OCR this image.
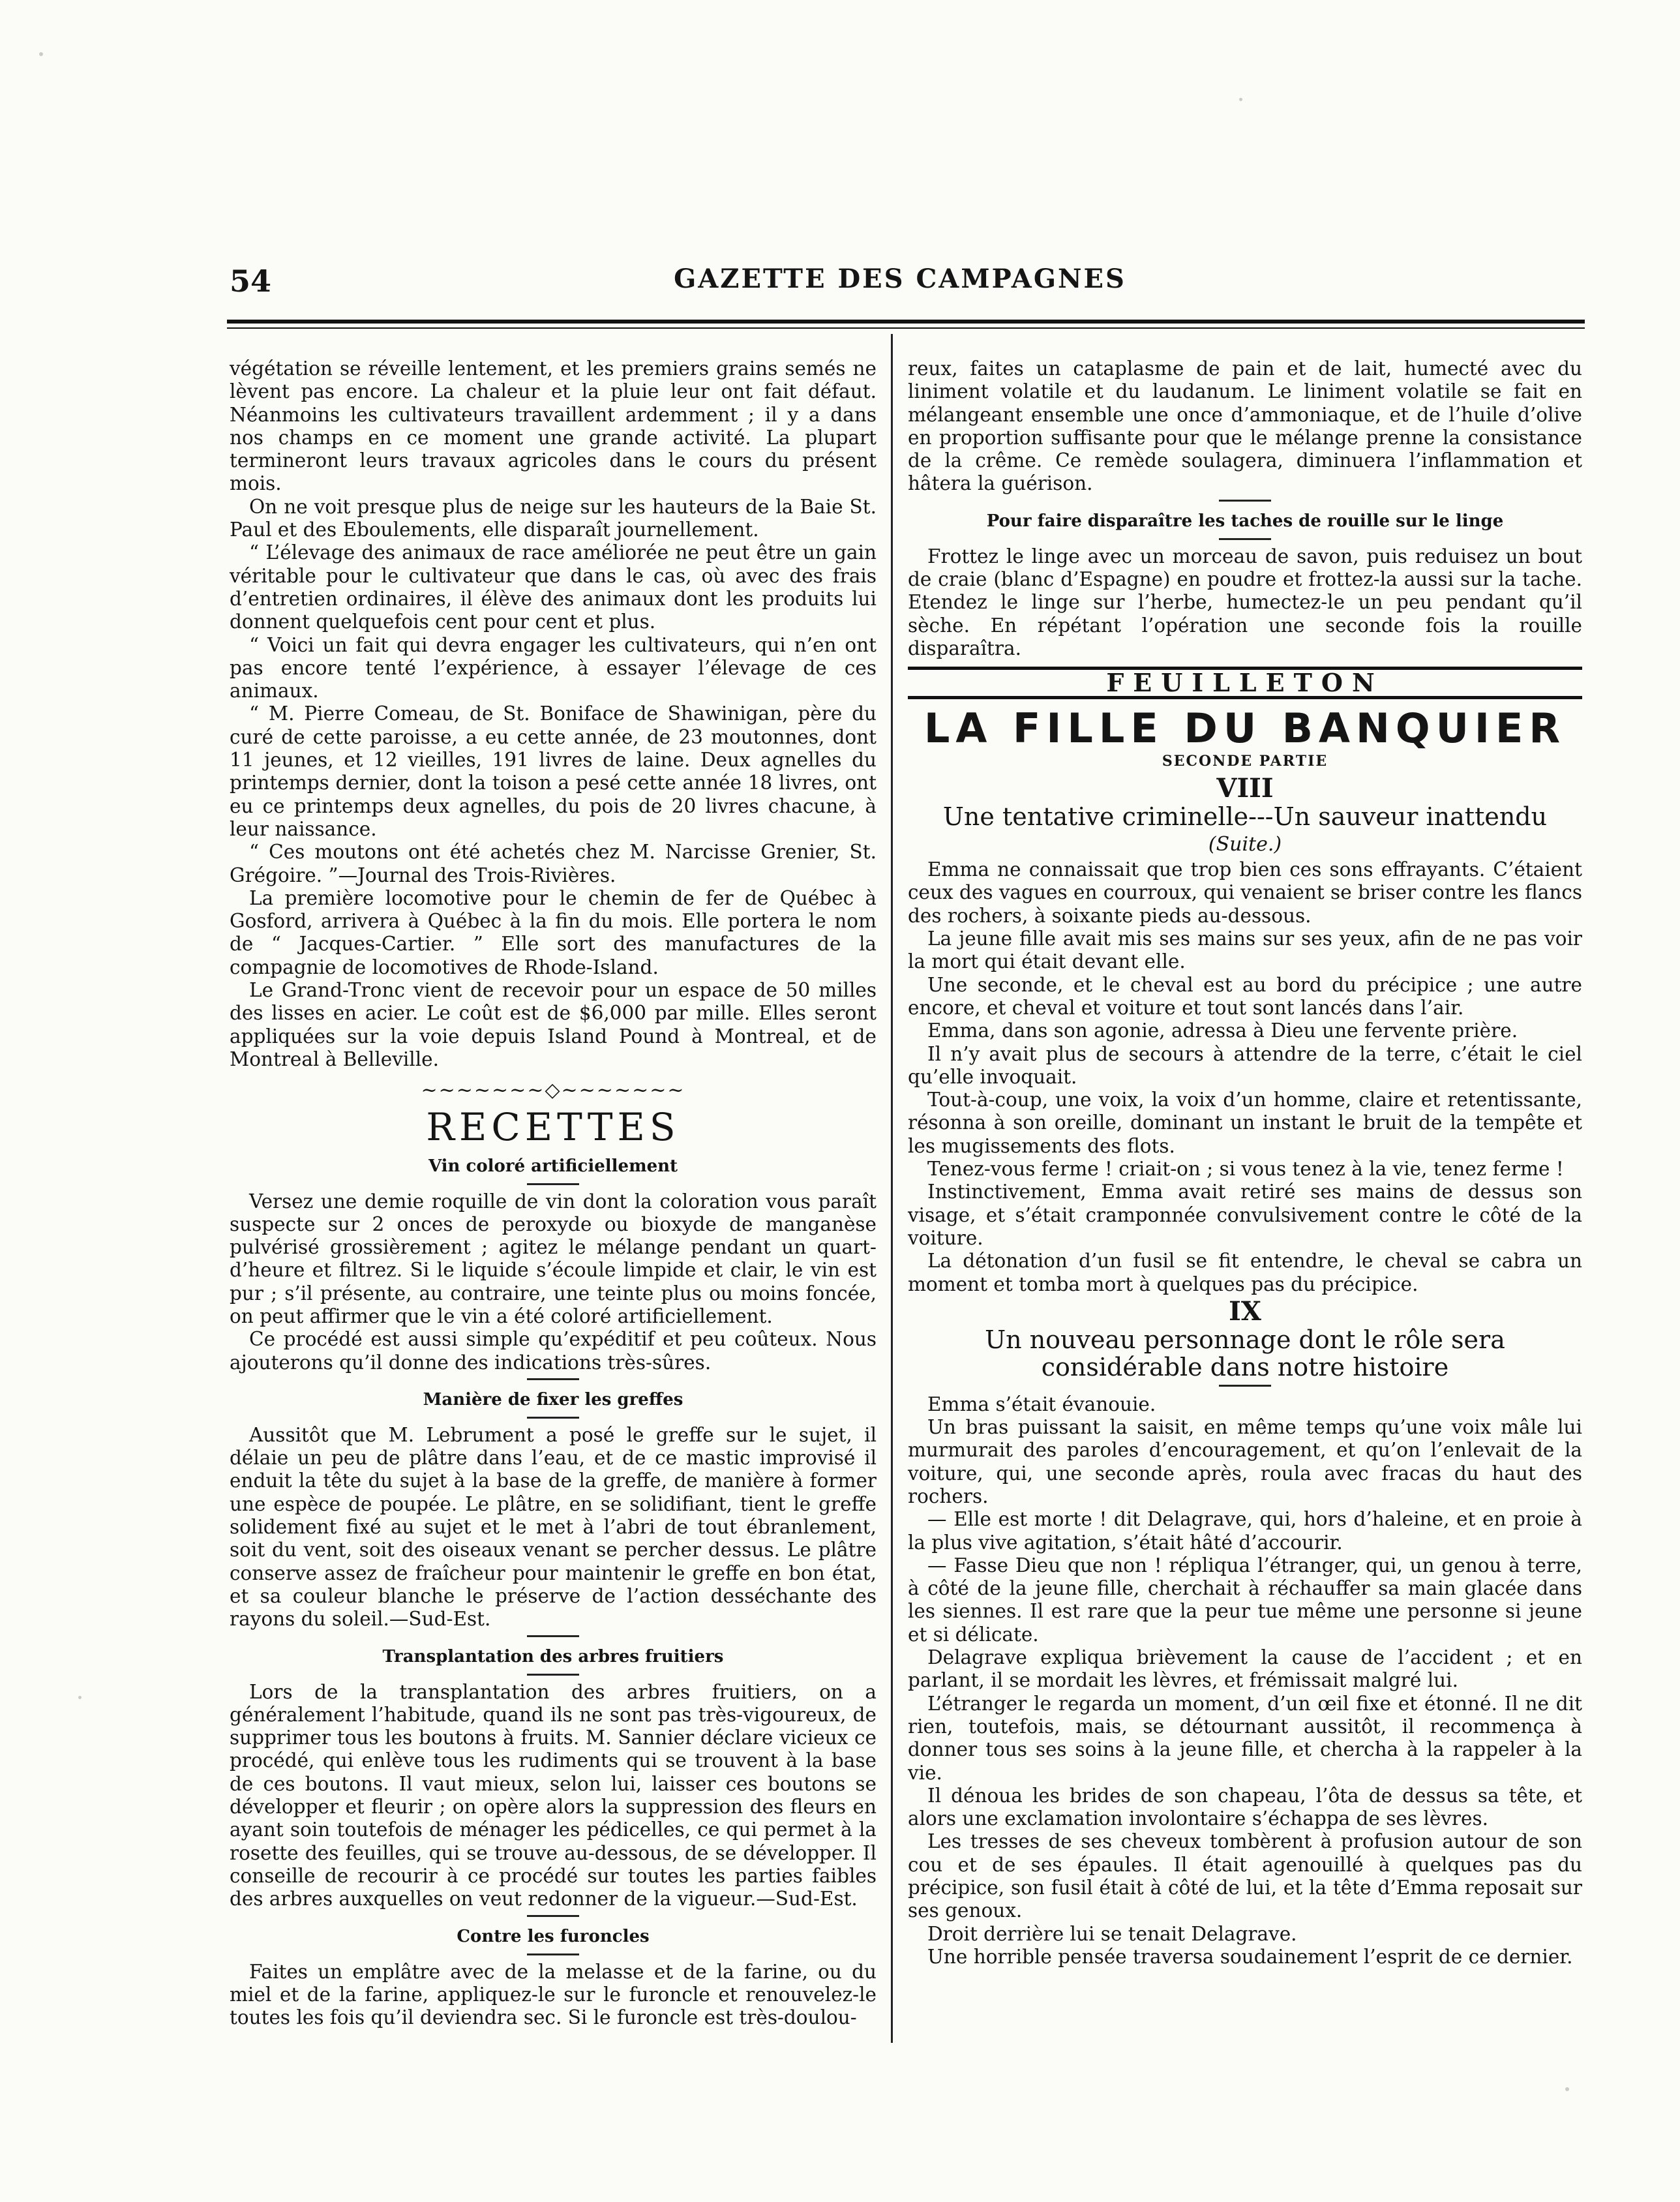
54	GAZETTE DES CAMPAGNES

végétation se réveille lentement, et les premiers grains semés ne lèvent pas encore. La chaleur et la pluie leur ont fait défaut. Néanmoins les cultivateurs travaillent ardemment ; il y a dans nos champs en ce moment une grande activité. La plupart termineront leurs travaux agricoles dans le cours du présent mois.

On ne voit presque plus de neige sur les hauteurs de la Baie St. Paul et des Eboulements, elle disparaît journellement.

“ L’élevage des animaux de race améliorée ne peut être un gain véritable pour le cultivateur que dans le cas, où avec des frais d’entretien ordinaires, il élève des animaux dont les produits lui donnent quelquefois cent pour cent et plus.

“ Voici un fait qui devra engager les cultivateurs, qui n’en ont pas encore tenté l’expérience, à essayer l’élevage de ces animaux.

“ M. Pierre Comeau, de St. Boniface de Shawinigan, père du curé de cette paroisse, a eu cette année, de 23 moutonnes, dont 11 jeunes, et 12 vieilles, 191 livres de laine. Deux agnelles du printemps dernier, dont la toison a pesé cette année 18 livres, ont eu ce printemps deux agnelles, du pois de 20 livres chacune, à leur naissance.

“ Ces moutons ont été achetés chez M. Narcisse Grenier, St. Grégoire. ”—Journal des Trois-Rivières.

La première locomotive pour le chemin de fer de Québec à Gosford, arrivera à Québec à la fin du mois. Elle portera le nom de “ Jacques-Cartier. ” Elle sort des manufactures de la compagnie de locomotives de Rhode-Island.

Le Grand-Tronc vient de recevoir pour un espace de 50 milles des lisses en acier. Le coût est de $6,000 par mille. Elles seront appliquées sur la voie depuis Island Pound à Montreal, et de Montreal à Belleville.

~~~~~~~◇~~~~~~~
RECETTES
Vin coloré artificiellement

Versez une demie roquille de vin dont la coloration vous paraît suspecte sur 2 onces de peroxyde ou bioxyde de manganèse pulvérisé grossièrement ; agitez le mélange pendant un quart-d’heure et filtrez. Si le liquide s’écoule limpide et clair, le vin est pur ; s’il présente, au contraire, une teinte plus ou moins foncée, on peut affirmer que le vin a été coloré artificiellement.

Ce procédé est aussi simple qu’expéditif et peu coûteux. Nous ajouterons qu’il donne des indications très-sûres.

Manière de fixer les greffes

Aussitôt que M. Lebrument a posé le greffe sur le sujet, il délaie un peu de plâtre dans l’eau, et de ce mastic improvisé il enduit la tête du sujet à la base de la greffe, de manière à former une espèce de poupée. Le plâtre, en se solidifiant, tient le greffe solidement fixé au sujet et le met à l’abri de tout ébranlement, soit du vent, soit des oiseaux venant se percher dessus. Le plâtre conserve assez de fraîcheur pour maintenir le greffe en bon état, et sa couleur blanche le préserve de l’action desséchante des rayons du soleil.—Sud-Est.

Transplantation des arbres fruitiers

Lors de la transplantation des arbres fruitiers, on a généralement l’habitude, quand ils ne sont pas très-vigoureux, de supprimer tous les boutons à fruits. M. Sannier déclare vicieux ce procédé, qui enlève tous les rudiments qui se trouvent à la base de ces boutons. Il vaut mieux, selon lui, laisser ces boutons se développer et fleurir ; on opère alors la suppression des fleurs en ayant soin toutefois de ménager les pédicelles, ce qui permet à la rosette des feuilles, qui se trouve au-dessous, de se développer. Il conseille de recourir à ce procédé sur toutes les parties faibles des arbres auxquelles on veut redonner de la vigueur.—Sud-Est.

Contre les furoncles

Faites un emplâtre avec de la melasse et de la farine, ou du miel et de la farine, appliquez-le sur le furoncle et renouvelez-le toutes les fois qu’il deviendra sec. Si le furoncle est très-doulou-

reux, faites un cataplasme de pain et de lait, humecté avec du liniment volatile et du laudanum. Le liniment volatile se fait en mélangeant ensemble une once d’ammoniaque, et de l’huile d’olive en proportion suffisante pour que le mélange prenne la consistance de la crême. Ce remède soulagera, diminuera l’inflammation et hâtera la guérison.

Pour faire disparaître les taches de rouille sur le linge

Frottez le linge avec un morceau de savon, puis reduisez un bout de craie (blanc d’Espagne) en poudre et frottez-la aussi sur la tache. Etendez le linge sur l’herbe, humectez-le un peu pendant qu’il sèche. En répétant l’opération une seconde fois la rouille disparaîtra.

FEUILLETON
LA FILLE DU BANQUIER
SECONDE PARTIE
VIII
Une tentative criminelle---Un sauveur inattendu
(Suite.)

Emma ne connaissait que trop bien ces sons effrayants. C’étaient ceux des vagues en courroux, qui venaient se briser contre les flancs des rochers, à soixante pieds au-dessous.

La jeune fille avait mis ses mains sur ses yeux, afin de ne pas voir la mort qui était devant elle.

Une seconde, et le cheval est au bord du précipice ; une autre encore, et cheval et voiture et tout sont lancés dans l’air.

Emma, dans son agonie, adressa à Dieu une fervente prière.

Il n’y avait plus de secours à attendre de la terre, c’était le ciel qu’elle invoquait.

Tout-à-coup, une voix, la voix d’un homme, claire et retentissante, résonna à son oreille, dominant un instant le bruit de la tempête et les mugissements des flots.

Tenez-vous ferme ! criait-on ; si vous tenez à la vie, tenez ferme !

Instinctivement, Emma avait retiré ses mains de dessus son visage, et s’était cramponnée convulsivement contre le côté de la voiture.

La détonation d’un fusil se fit entendre, le cheval se cabra un moment et tomba mort à quelques pas du précipice.

IX
Un nouveau personnage dont le rôle sera considérable dans notre histoire

Emma s’était évanouie.

Un bras puissant la saisit, en même temps qu’une voix mâle lui murmurait des paroles d’encouragement, et qu’on l’enlevait de la voiture, qui, une seconde après, roula avec fracas du haut des rochers.

— Elle est morte ! dit Delagrave, qui, hors d’haleine, et en proie à la plus vive agitation, s’était hâté d’accourir.

— Fasse Dieu que non ! répliqua l’étranger, qui, un genou à terre, à côté de la jeune fille, cherchait à réchauffer sa main glacée dans les siennes. Il est rare que la peur tue même une personne si jeune et si délicate.

Delagrave expliqua brièvement la cause de l’accident ; et en parlant, il se mordait les lèvres, et frémissait malgré lui.

L’étranger le regarda un moment, d’un œil fixe et étonné. Il ne dit rien, toutefois, mais, se détournant aussitôt, il recommença à donner tous ses soins à la jeune fille, et chercha à la rappeler à la vie.

Il dénoua les brides de son chapeau, l’ôta de dessus sa tête, et alors une exclamation involontaire s’échappa de ses lèvres.

Les tresses de ses cheveux tombèrent à profusion autour de son cou et de ses épaules. Il était agenouillé à quelques pas du précipice, son fusil était à côté de lui, et la tête d’Emma reposait sur ses genoux.

Droit derrière lui se tenait Delagrave.

Une horrible pensée traversa soudainement l’esprit de ce dernier.
